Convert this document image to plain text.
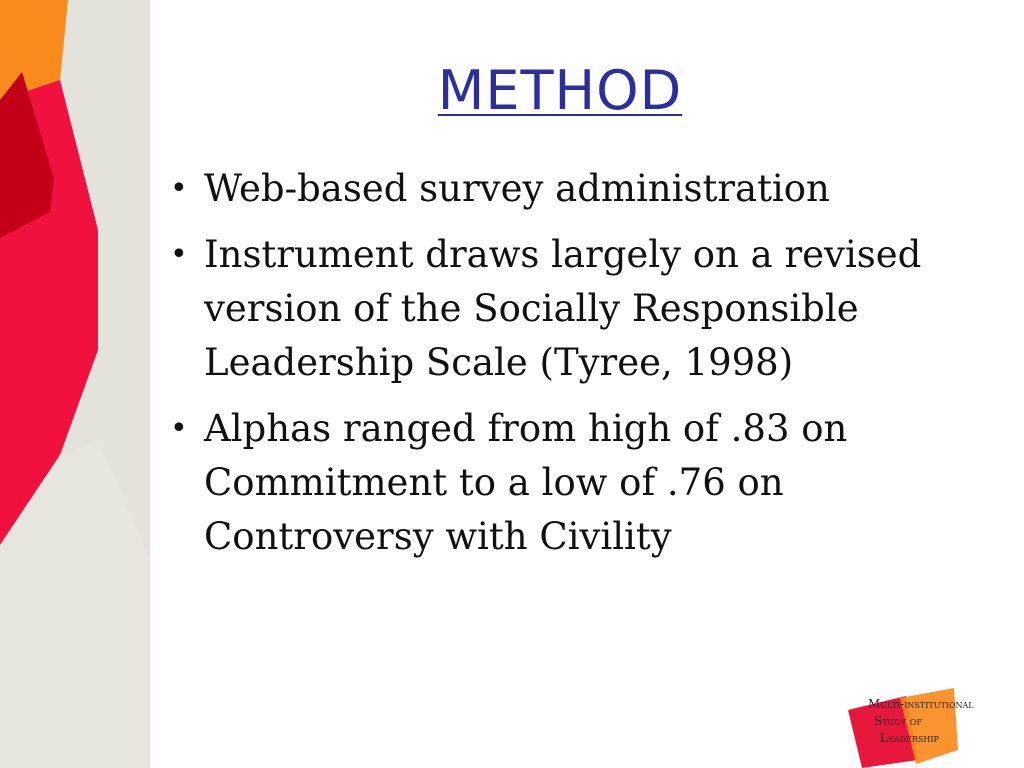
METHOD
• Web-based survey administration
• Instrument draws largely on a revised version of the Socially Responsible Leadership Scale (Tyree, 1998)
• Alphas ranged from high of .83 on Commitment to a low of .76 on Controversy with Civility
Multi-institutional
Study of
Leadership
